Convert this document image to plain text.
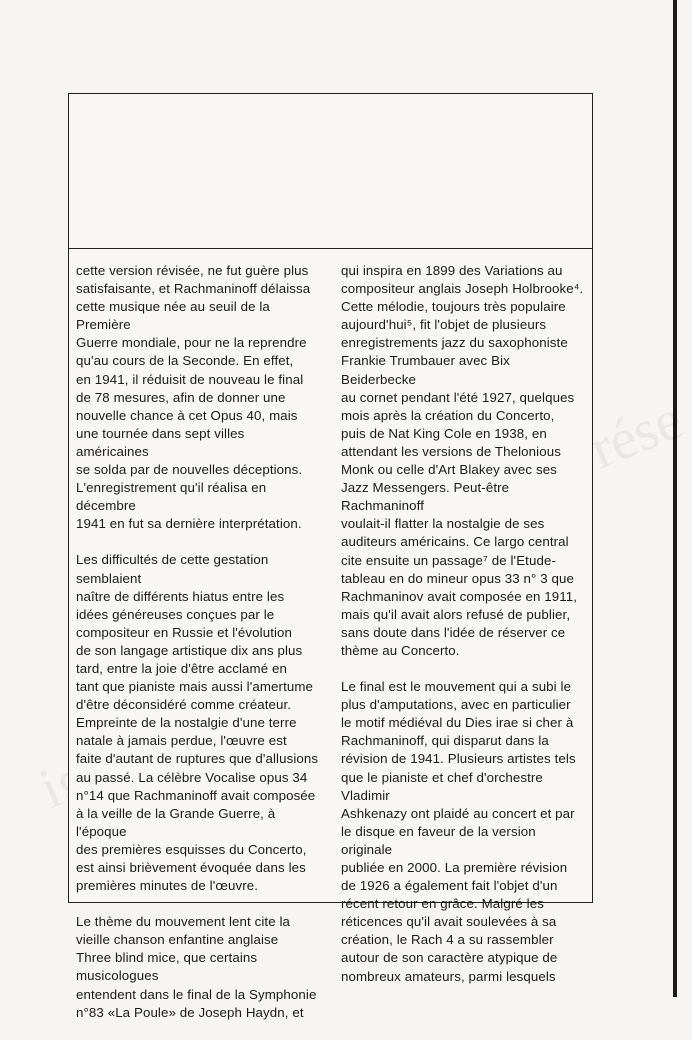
rése

cette version révisée, ne fut guère plus
satisfaisante, et Rachmaninoff délaissa
cette musique née au seuil de la Première
Guerre mondiale, pour ne la reprendre
qu'au cours de la Seconde. En effet,
en 1941, il réduisit de nouveau le final
de 78 mesures, afin de donner une
nouvelle chance à cet Opus 40, mais
une tournée dans sept villes américaines
se solda par de nouvelles déceptions.
L'enregistrement qu'il réalisa en décembre
1941 en fut sa dernière interprétation.

Les difficultés de cette gestation semblaient
naître de différents hiatus entre les
idées généreuses conçues par le
compositeur en Russie et l'évolution
de son langage artistique dix ans plus
tard, entre la joie d'être acclamé en
tant que pianiste mais aussi l'amertume
d'être déconsidéré comme créateur.
Empreinte de la nostalgie d'une terre
natale à jamais perdue, l'œuvre est
faite d'autant de ruptures que d'allusions
au passé. La célèbre Vocalise opus 34
n°14 que Rachmaninoff avait composée
à la veille de la Grande Guerre, à l'époque
des premières esquisses du Concerto,
est ainsi brièvement évoquée dans les
premières minutes de l'œuvre.

Le thème du mouvement lent cite la
vieille chanson enfantine anglaise
Three blind mice, que certains musicologues
entendent dans le final de la Symphonie
n°83 «La Poule» de Joseph Haydn, et

qui inspira en 1899 des Variations au
compositeur anglais Joseph Holbrooke⁴.
Cette mélodie, toujours très populaire
aujourd'hui⁵, fit l'objet de plusieurs
enregistrements jazz du saxophoniste
Frankie Trumbauer avec Bix Beiderbecke
au cornet pendant l'été 1927, quelques
mois après la création du Concerto,
puis de Nat King Cole en 1938, en
attendant les versions de Thelonious
Monk ou celle d'Art Blakey avec ses
Jazz Messengers. Peut-être Rachmaninoff
voulait-il flatter la nostalgie de ses
auditeurs américains. Ce largo central
cite ensuite un passage⁷ de l'Etude-
tableau en do mineur opus 33 n° 3 que
Rachmaninov avait composée en 1911,
mais qu'il avait alors refusé de publier,
sans doute dans l'idée de réserver ce
thème au Concerto.

Le final est le mouvement qui a subi le
plus d'amputations, avec en particulier
le motif médiéval du Dies irae si cher à
Rachmaninoff, qui disparut dans la
révision de 1941. Plusieurs artistes tels
que le pianiste et chef d'orchestre Vladimir
Ashkenazy ont plaidé au concert et par
le disque en faveur de la version originale
publiée en 2000. La première révision
de 1926 a également fait l'objet d'un
récent retour en grâce. Malgré les
réticences qu'il avait soulevées à sa
création, le Rach 4 a su rassembler
autour de son caractère atypique de
nombreux amateurs, parmi lesquels
